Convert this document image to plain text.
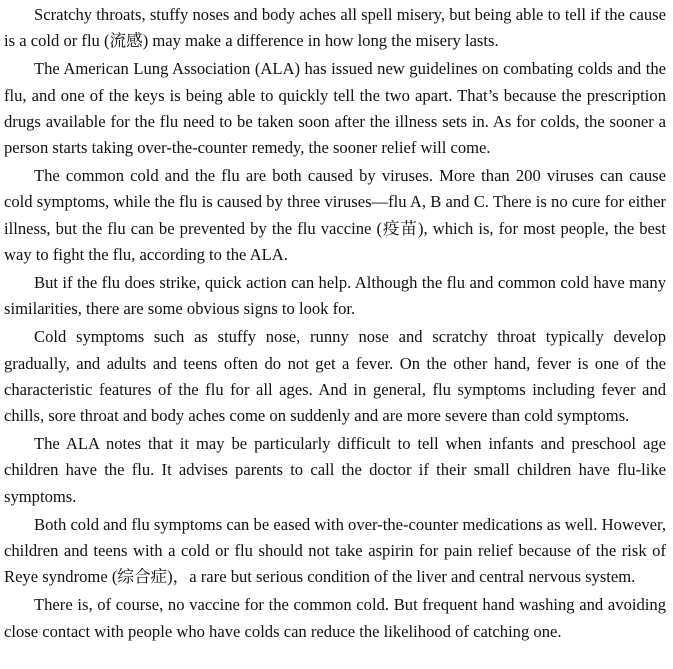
Scratchy throats, stuffy noses and body aches all spell misery, but being able to tell if the cause is a cold or flu (流感) may make a difference in how long the misery lasts.

The American Lung Association (ALA) has issued new guidelines on combating colds and the flu, and one of the keys is being able to quickly tell the two apart. That’s because the prescription drugs available for the flu need to be taken soon after the illness sets in. As for colds, the sooner a person starts taking over-the-counter remedy, the sooner relief will come.

The common cold and the flu are both caused by viruses. More than 200 viruses can cause cold symptoms, while the flu is caused by three viruses—flu A, B and C. There is no cure for either illness, but the flu can be prevented by the flu vaccine (疫苗), which is, for most people, the best way to fight the flu, according to the ALA.

But if the flu does strike, quick action can help. Although the flu and common cold have many similarities, there are some obvious signs to look for.

Cold symptoms such as stuffy nose, runny nose and scratchy throat typically develop gradually, and adults and teens often do not get a fever. On the other hand, fever is one of the characteristic features of the flu for all ages. And in general, flu symptoms including fever and chills, sore throat and body aches come on suddenly and are more severe than cold symptoms.

The ALA notes that it may be particularly difficult to tell when infants and preschool age children have the flu. It advises parents to call the doctor if their small children have flu-like symptoms.

Both cold and flu symptoms can be eased with over-the-counter medications as well. However, children and teens with a cold or flu should not take aspirin for pain relief because of the risk of Reye syndrome (综合症)，a rare but serious condition of the liver and central nervous system.

There is, of course, no vaccine for the common cold. But frequent hand washing and avoiding close contact with people who have colds can reduce the likelihood of catching one.
